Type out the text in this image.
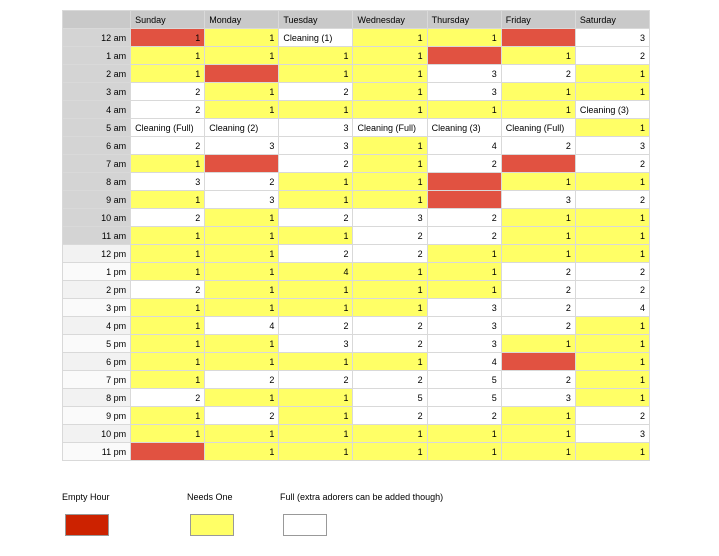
	Sunday	Monday	Tuesday	Wednesday	Thursday	Friday	Saturday
12 am	1	1	Cleaning (1)	1	1		3
1 am	1	1	1	1		1	2
2 am	1		1	1	3	2	1
3 am	2	1	2	1	3	1	1
4 am	2	1	1	1	1	1	Cleaning (3)
5 am	Cleaning (Full)	Cleaning (2)	3	Cleaning (Full)	Cleaning (3)	Cleaning (Full)	1
6 am	2	3	3	1	4	2	3
7 am	1		2	1	2		2
8 am	3	2	1	1		1	1
9 am	1	3	1	1		3	2
10 am	2	1	2	3	2	1	1
11 am	1	1	1	2	2	1	1
12 pm	1	1	2	2	1	1	1
1 pm	1	1	4	1	1	2	2
2 pm	2	1	1	1	1	2	2
3 pm	1	1	1	1	3	2	4
4 pm	1	4	2	2	3	2	1
5 pm	1	1	3	2	3	1	1
6 pm	1	1	1	1	4		1
7 pm	1	2	2	2	5	2	1
8 pm	2	1	1	5	5	3	1
9 pm	1	2	1	2	2	1	2
10 pm	1	1	1	1	1	1	3
11 pm		1	1	1	1	1	1
Empty Hour	Needs One	Full (extra adorers can be added though)
